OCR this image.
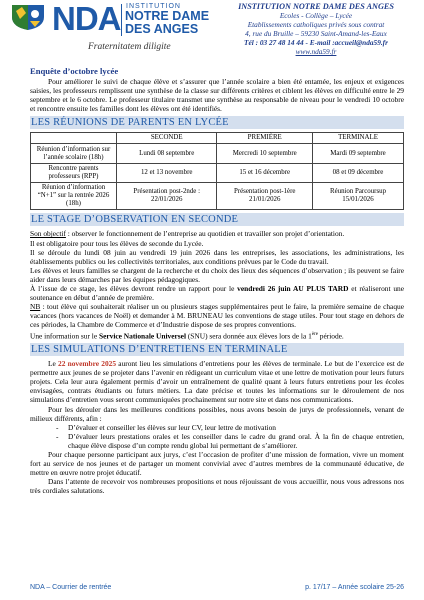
NDA INSTITUTION
NOTRE DAME
DES ANGES
Fraternitatem diligite
INSTITUTION NOTRE DAME DES ANGES
Ecoles - Collège – Lycée
Etablissements catholiques privés sous contrat
4, rue du Bruille – 59230 Saint-Amand-les-Eaux
Tél : 03 27 48 14 44 - E-mail :accueil@nda59.fr
www.nda59.fr
Enquête d’octobre lycée

Pour améliorer le suivi de chaque élève et s’assurer que l’année scolaire a bien été entamée, les enjeux et exigences saisies, les professeurs remplissent une synthèse de la classe sur différents critères et ciblent les élèves en difficulté entre le 29 septembre et le 6 octobre. Le professeur titulaire transmet une synthèse au responsable de niveau pour le vendredi 10 octobre et rencontre ensuite les familles dont les élèves ont été identifiés.

LES RÉUNIONS DE PARENTS EN LYCÉE
	SECONDE	PREMIÈRE	TERMINALE
Réunion d’information sur l’année scolaire (18h)	Lundi 08 septembre	Mercredi 10 septembre	Mardi 09 septembre
Rencontre parents professeurs (RPP)	12 et 13 novembre	15 et 16 décembre	08 et 09 décembre
Réunion d’information “N+1” sur la rentrée 2026 (18h)	Présentation post-2nde : 22/01/2026	Présentation post-1ère 21/01/2026	Réunion Parcoursup 15/01/2026
LE STAGE D’OBSERVATION EN SECONDE

Son objectif : observer le fonctionnement de l’entreprise au quotidien et travailler son projet d’orientation.

Il est obligatoire pour tous les élèves de seconde du Lycée.

Il se déroule du lundi 08 juin au vendredi 19 juin 2026 dans les entreprises, les associations, les administrations, les établissements publics ou les collectivités territoriales, aux conditions prévues par le Code du travail.

Les élèves et leurs familles se chargent de la recherche et du choix des lieux des séquences d’observation ; ils peuvent se faire aider dans leurs démarches par les équipes pédagogiques.

À l’issue de ce stage, les élèves devront rendre un rapport pour le vendredi 26 juin AU PLUS TARD et réaliseront une soutenance en début d’année de première.

NB : tout élève qui souhaiterait réaliser un ou plusieurs stages supplémentaires peut le faire, la première semaine de chaque vacances (hors vacances de Noël) et demander à M. BRUNEAU les conventions de stage utiles. Pour tout stage en dehors de ces périodes, la Chambre de Commerce et d’Industrie dispose de ses propres conventions.

Une information sur le Service Nationale Universel (SNU) sera donnée aux élèves lors de la 1ère période.

LES SIMULATIONS D’ENTRETIENS EN TERMINALE

Le 22 novembre 2025 auront lieu les simulations d’entretiens pour les élèves de terminale. Le but de l’exercice est de permettre aux jeunes de se projeter dans l’avenir en rédigeant un curriculum vitae et une lettre de motivation pour leurs futurs projets. Cela leur aura également permis d’avoir un entraînement de qualité quant à leurs futurs entretiens pour les écoles envisagées, contrats étudiants ou futurs métiers. La date précise et toutes les informations sur le déroulement de nos simulations d’entretien vous seront communiquées prochainement sur notre site et dans nos communications.

Pour les dérouler dans les meilleures conditions possibles, nous avons besoin de jurys de professionnels, venant de milieux différents, afin :

- D’évaluer et conseiller les élèves sur leur CV, leur lettre de motivation
- D’évaluer leurs prestations orales et les conseiller dans le cadre du grand oral. À la fin de chaque entretien, chaque élève dispose d’un compte rendu global lui permettant de s’améliorer.

Pour chaque personne participant aux jurys, c’est l’occasion de profiter d’une mission de formation, vivre un moment fort au service de nos jeunes et de partager un moment convivial avec d’autres membres de la communauté éducative, de mettre en œuvre notre projet éducatif.

Dans l’attente de recevoir vos nombreuses propositions et nous réjouissant de vous accueillir, nous vous adressons nos très cordiales salutations.

NDA – Courrier de rentrée	p. 17/17 – Année scolaire 25-26
